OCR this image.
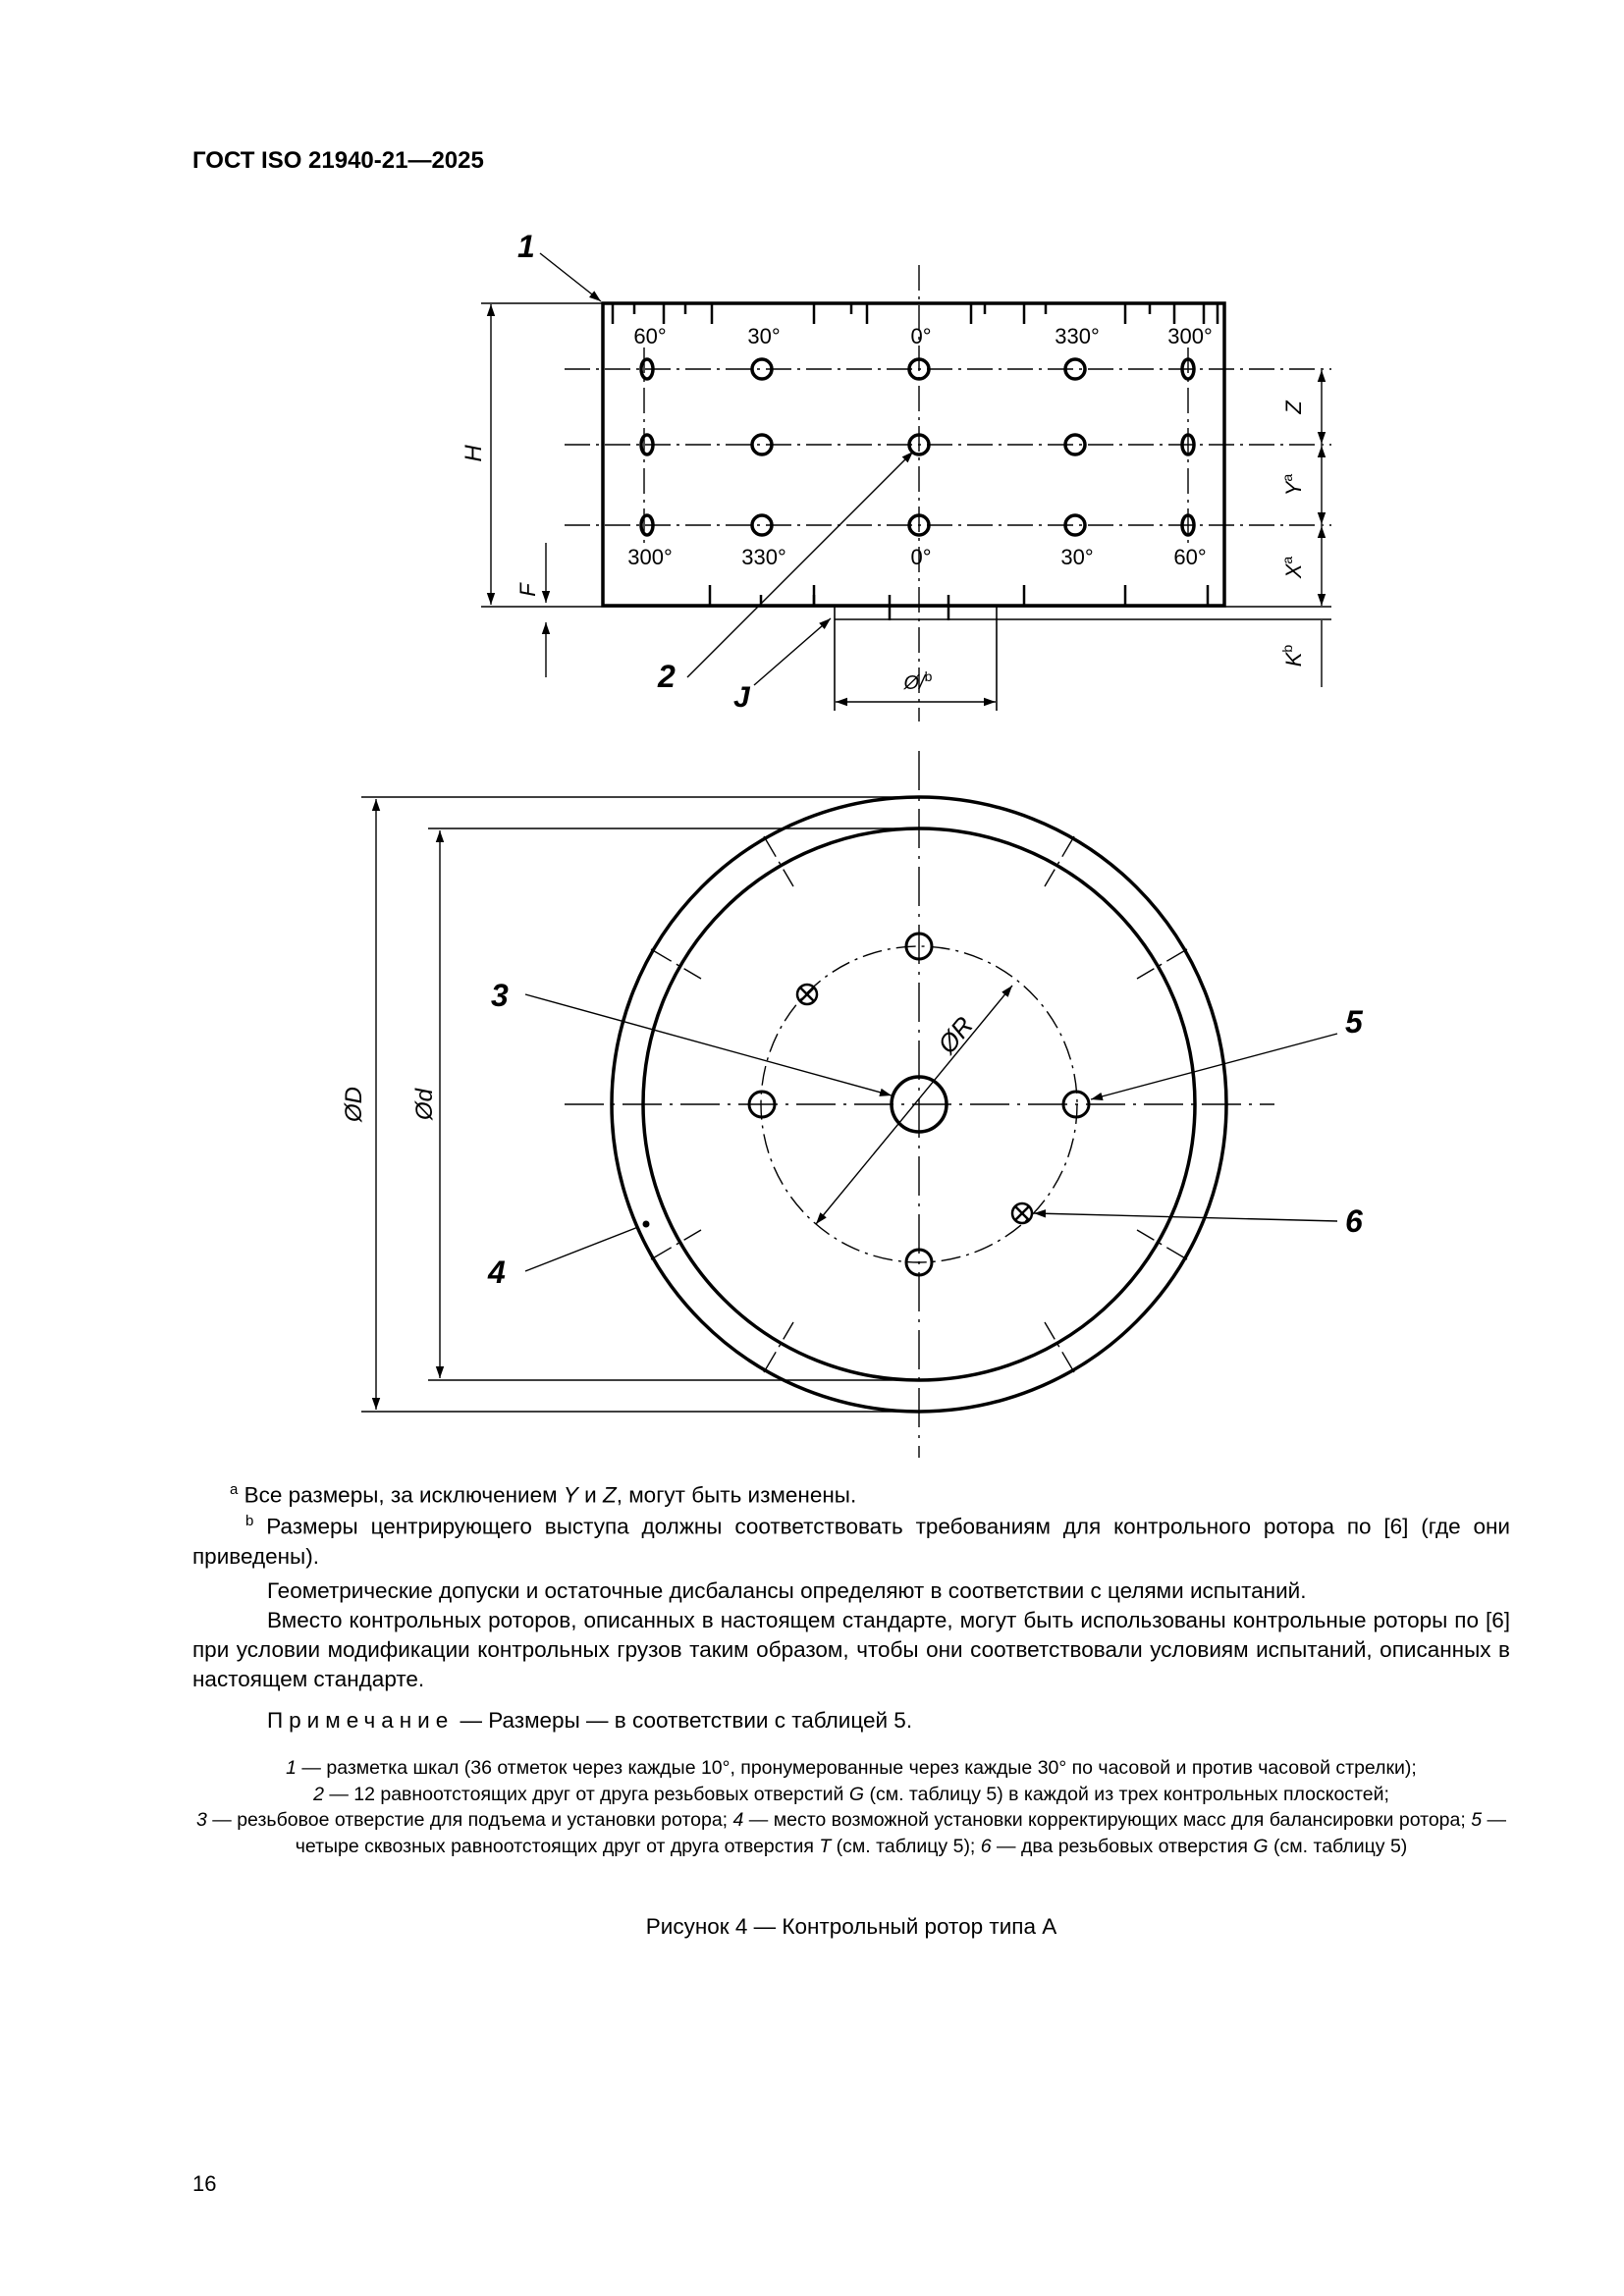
ГОСТ ISO 21940-21—2025
60°	30°	0°	330°	300°
300°	330°	0°	30°	60°
H
F
Z
$Y^a$
$X^a$
$K^b$
Ø/$^b$
J
ØD Ød
ØR
1
2
3
4
5
6
$^a$ Все размеры, за исключением Y и Z, могут быть изменены.
$^b$ Размеры центрирующего выступа должны соответствовать требованиям для контрольного ротора по [6] (где они приведены).
Геометрические допуски и остаточные дисбалансы определяют в соответствии с целями испытаний.
Вместо контрольных роторов, описанных в настоящем стандарте, могут быть использованы контрольные роторы по [6] при условии модификации контрольных грузов таким образом, чтобы они соответствовали условиям испытаний, описанных в настоящем стандарте.
Примечание — Размеры — в соответствии с таблицей 5.
1 — разметка шкал (36 отметок через каждые 10°, пронумерованные через каждые 30° по часовой и против часовой стрелки);
2 — 12 равноотстоящих друг от друга резьбовых отверстий G (см. таблицу 5) в каждой из трех контрольных плоскостей;
3 — резьбовое отверстие для подъема и установки ротора; 4 — место возможной установки корректирующих масс для балансировки ротора; 5 — четыре сквозных равноотстоящих друг от друга отверстия T (см. таблицу 5); 6 — два резьбовых отверстия G (см. таблицу 5)
Рисунок 4 — Контрольный ротор типа А
16
